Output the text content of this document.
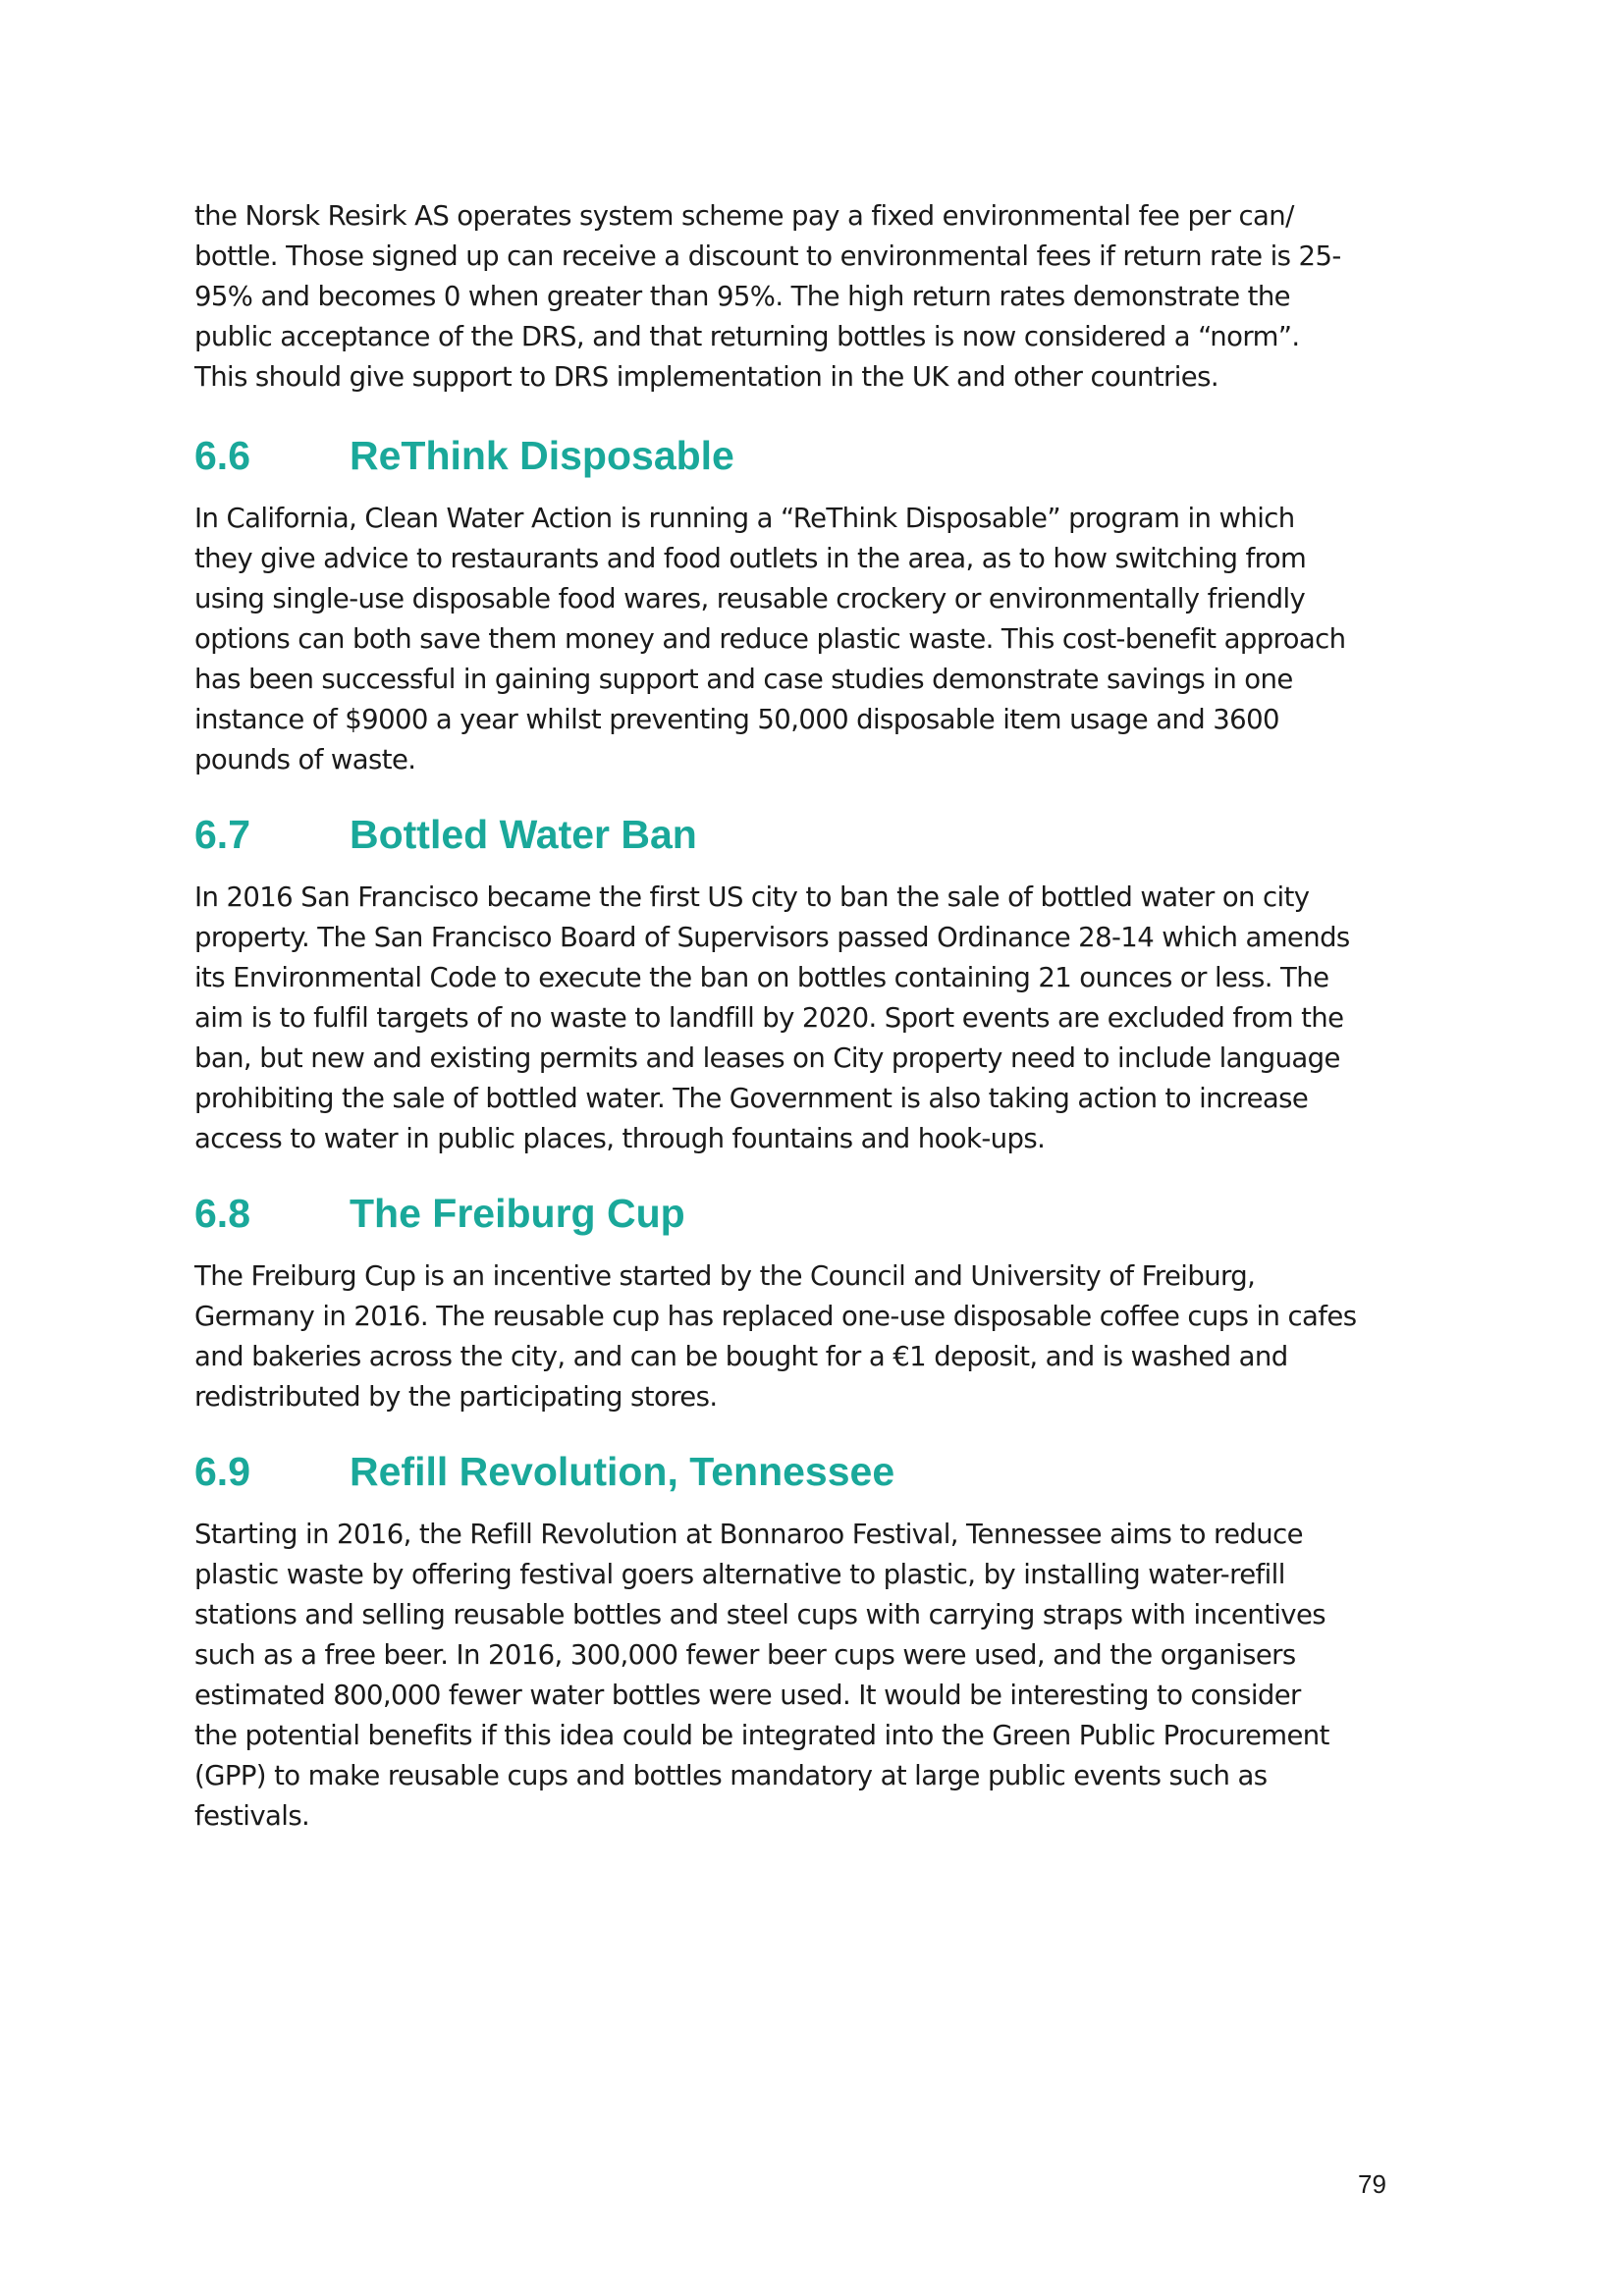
the Norsk Resirk AS operates system scheme pay a fixed environmental fee per can/
bottle. Those signed up can receive a discount to environmental fees if return rate is 25-
95% and becomes 0 when greater than 95%. The high return rates demonstrate the
public acceptance of the DRS, and that returning bottles is now considered a “norm”.
This should give support to DRS implementation in the UK and other countries.

6.6 ReThink Disposable

In California, Clean Water Action is running a “ReThink Disposable” program in which
they give advice to restaurants and food outlets in the area, as to how switching from
using single-use disposable food wares, reusable crockery or environmentally friendly
options can both save them money and reduce plastic waste. This cost-benefit approach
has been successful in gaining support and case studies demonstrate savings in one
instance of $9000 a year whilst preventing 50,000 disposable item usage and 3600
pounds of waste.

6.7 Bottled Water Ban

In 2016 San Francisco became the first US city to ban the sale of bottled water on city
property. The San Francisco Board of Supervisors passed Ordinance 28-14 which amends
its Environmental Code to execute the ban on bottles containing 21 ounces or less. The
aim is to fulfil targets of no waste to landfill by 2020. Sport events are excluded from the
ban, but new and existing permits and leases on City property need to include language
prohibiting the sale of bottled water. The Government is also taking action to increase
access to water in public places, through fountains and hook-ups.

6.8 The Freiburg Cup

The Freiburg Cup is an incentive started by the Council and University of Freiburg,
Germany in 2016. The reusable cup has replaced one-use disposable coffee cups in cafes
and bakeries across the city, and can be bought for a €1 deposit, and is washed and
redistributed by the participating stores.

6.9 Refill Revolution, Tennessee

Starting in 2016, the Refill Revolution at Bonnaroo Festival, Tennessee aims to reduce
plastic waste by offering festival goers alternative to plastic, by installing water-refill
stations and selling reusable bottles and steel cups with carrying straps with incentives
such as a free beer. In 2016, 300,000 fewer beer cups were used, and the organisers
estimated 800,000 fewer water bottles were used. It would be interesting to consider
the potential benefits if this idea could be integrated into the Green Public Procurement
(GPP) to make reusable cups and bottles mandatory at large public events such as
festivals.

79
